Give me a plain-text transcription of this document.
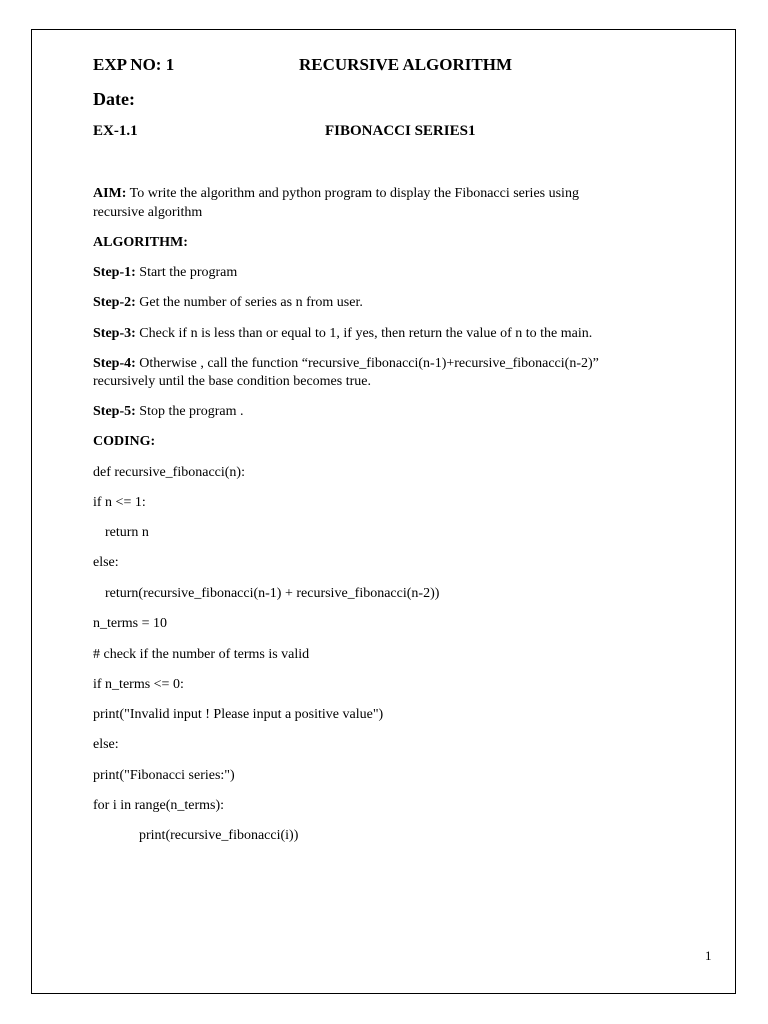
EXP NO: 1	RECURSIVE ALGORITHM
Date:
EX-1.1	FIBONACCI SERIES1
AIM: To write the algorithm and python program to display the Fibonacci series using
recursive algorithm
ALGORITHM:
Step-1: Start the program
Step-2: Get the number of series as n from user.
Step-3: Check if n is less than or equal to 1, if yes, then return the value of n to the main.
Step-4: Otherwise , call the function “recursive_fibonacci(n-1)+recursive_fibonacci(n-2)”
recursively until the base condition becomes true.
Step-5: Stop the program .
CODING:
def recursive_fibonacci(n):
if n <= 1:
return n
else:
return(recursive_fibonacci(n-1) + recursive_fibonacci(n-2))
n_terms = 10
# check if the number of terms is valid
if n_terms <= 0:
print("Invalid input ! Please input a positive value")
else:
print("Fibonacci series:")
for i in range(n_terms):
print(recursive_fibonacci(i))
1
